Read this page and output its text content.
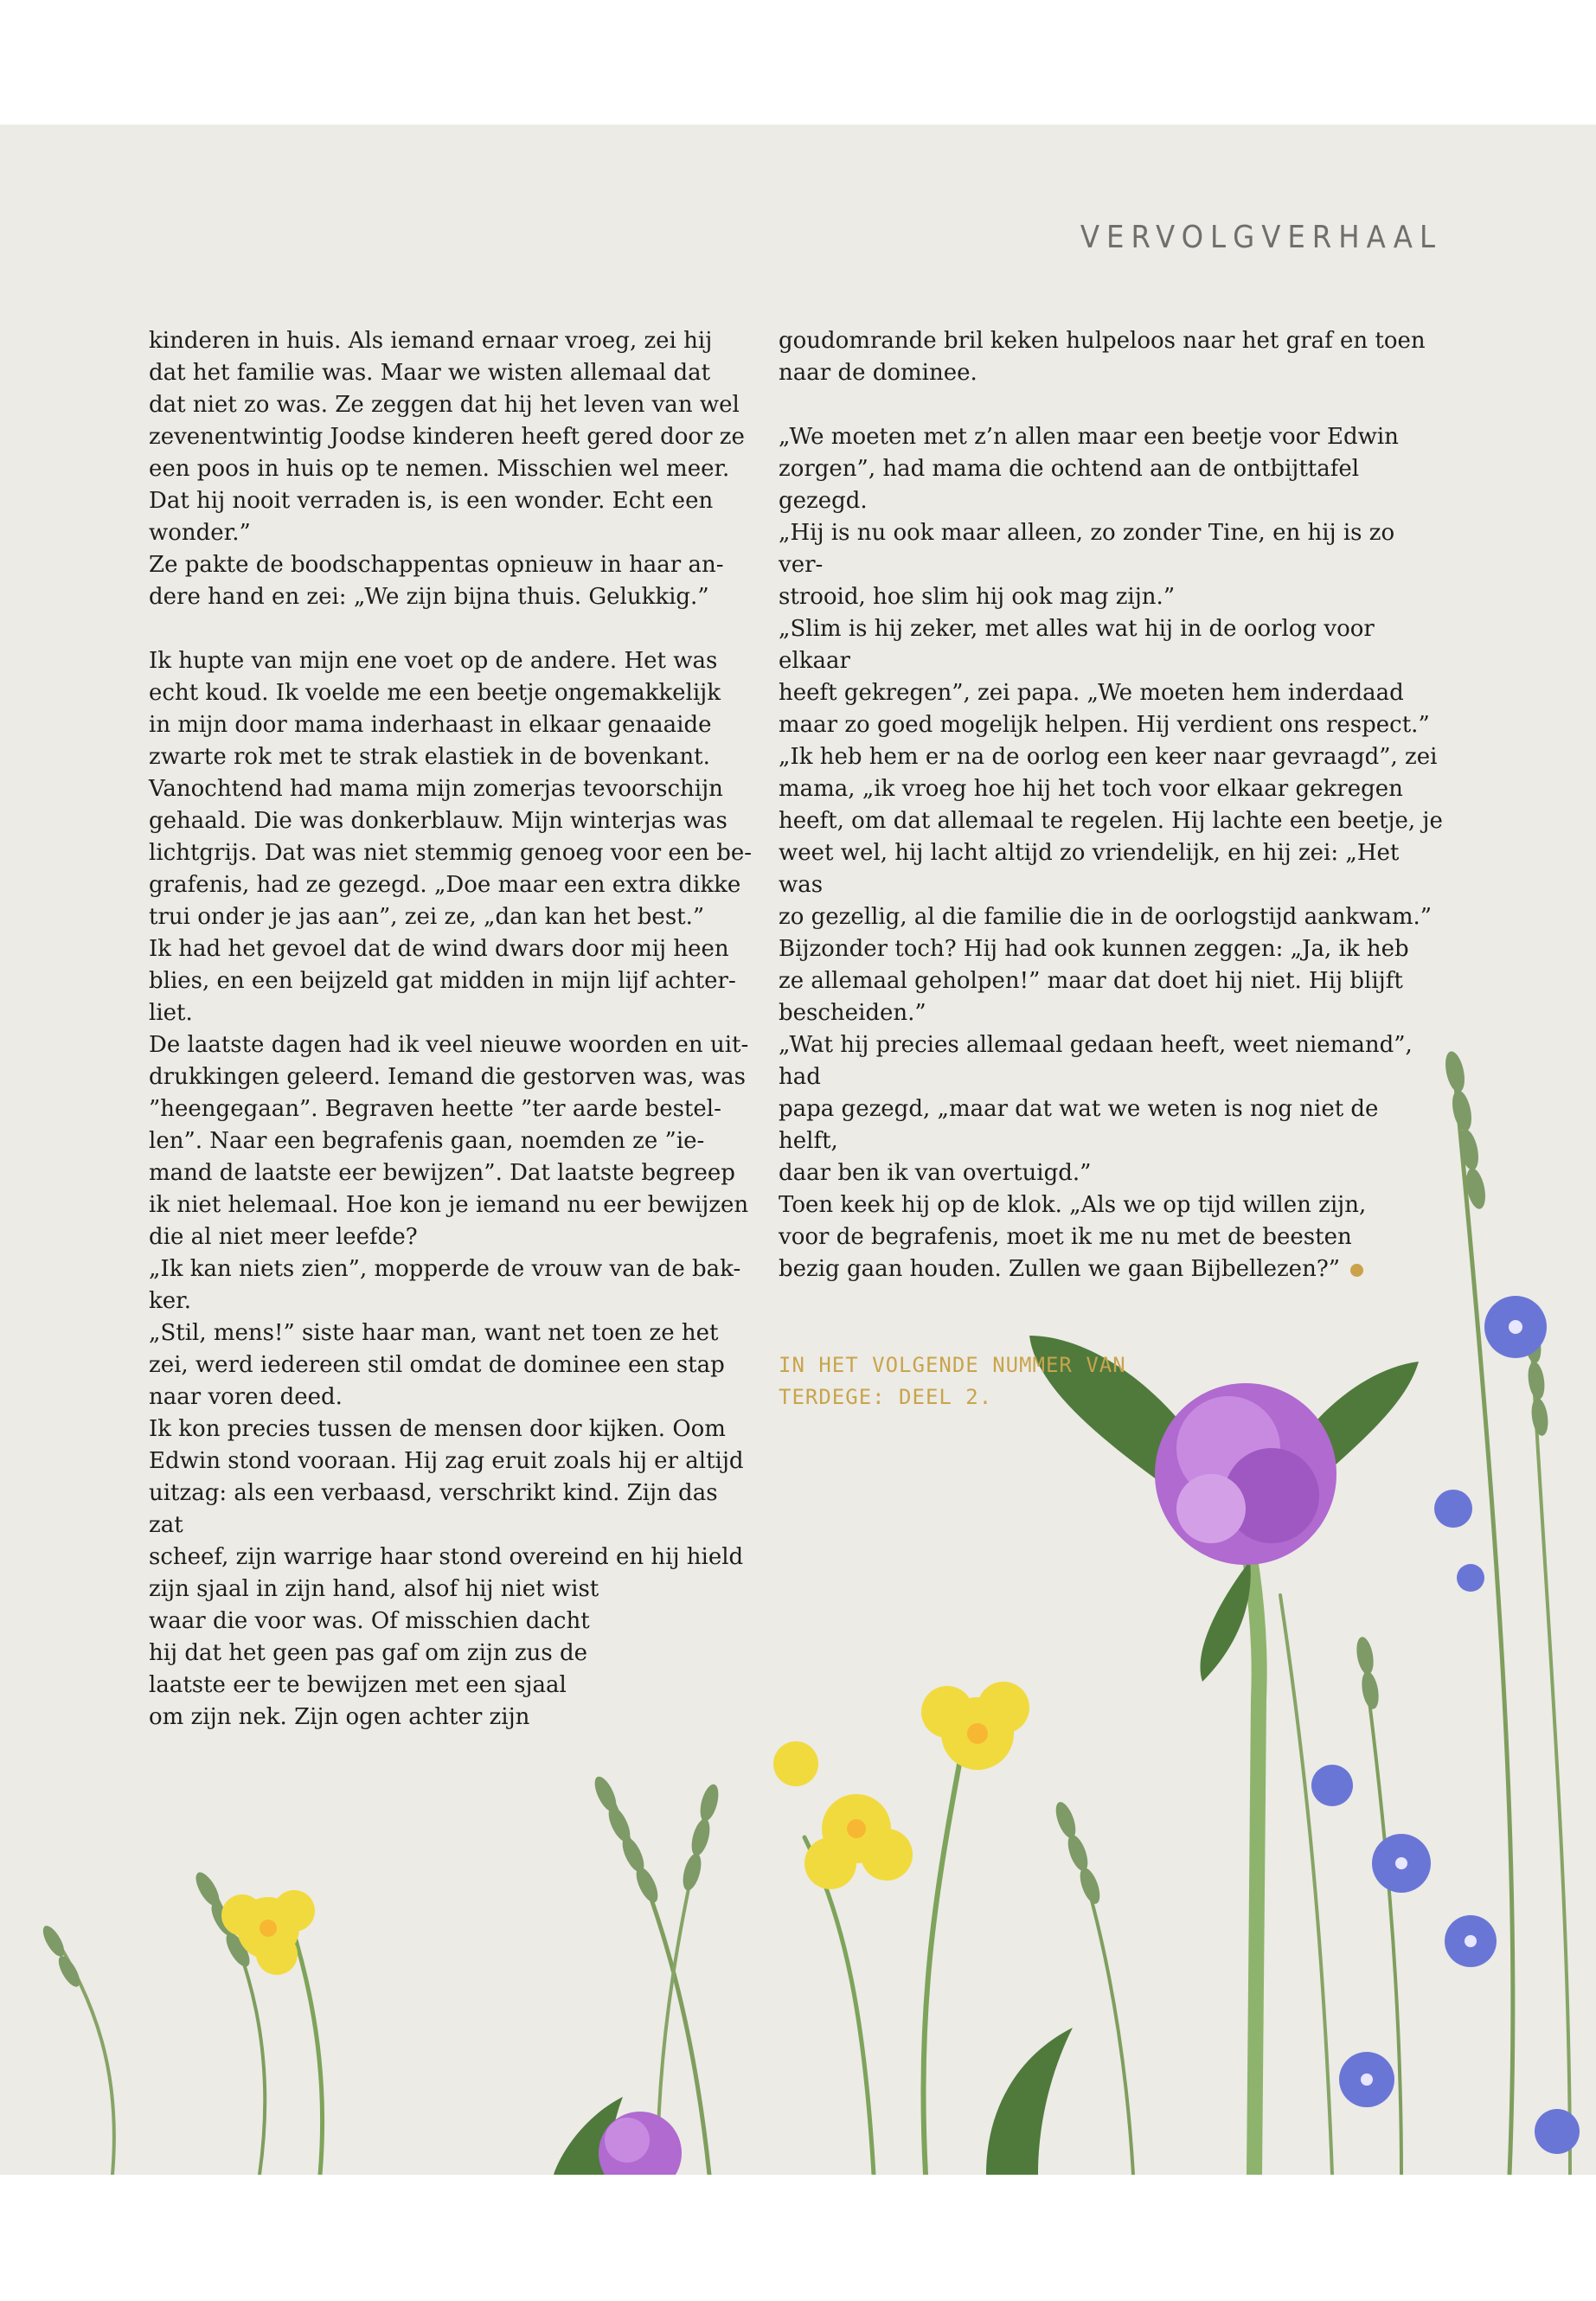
VERVOLGVERHAAL

kinderen in huis. Als iemand ernaar vroeg, zei hij
dat het familie was. Maar we wisten allemaal dat
dat niet zo was. Ze zeggen dat hij het leven van wel
zevenentwintig Joodse kinderen heeft gered door ze
een poos in huis op te nemen. Misschien wel meer.
Dat hij nooit verraden is, is een wonder. Echt een
wonder.”

Ze pakte de boodschappentas opnieuw in haar an-
dere hand en zei: „We zijn bijna thuis. Gelukkig.”

Ik hupte van mijn ene voet op de andere. Het was
echt koud. Ik voelde me een beetje ongemakkelijk
in mijn door mama inderhaast in elkaar genaaide
zwarte rok met te strak elastiek in de bovenkant.
Vanochtend had mama mijn zomerjas tevoorschijn
gehaald. Die was donkerblauw. Mijn winterjas was
lichtgrijs. Dat was niet stemmig genoeg voor een be-
grafenis, had ze gezegd. „Doe maar een extra dikke
trui onder je jas aan”, zei ze, „dan kan het best.”

Ik had het gevoel dat de wind dwars door mij heen
blies, en een beijzeld gat midden in mijn lijf achter-
liet.

De laatste dagen had ik veel nieuwe woorden en uit-
drukkingen geleerd. Iemand die gestorven was, was
”heengegaan”. Begraven heette ”ter aarde bestel-
len”. Naar een begrafenis gaan, noemden ze ”ie-
mand de laatste eer bewijzen”. Dat laatste begreep
ik niet helemaal. Hoe kon je iemand nu eer bewijzen
die al niet meer leefde?

„Ik kan niets zien”, mopperde de vrouw van de bak-
ker.

„Stil, mens!” siste haar man, want net toen ze het
zei, werd iedereen stil omdat de dominee een stap
naar voren deed.

Ik kon precies tussen de mensen door kijken. Oom
Edwin stond vooraan. Hij zag eruit zoals hij er altijd
uitzag: als een verbaasd, verschrikt kind. Zijn das zat
scheef, zijn warrige haar stond overeind en hij hield
zijn sjaal in zijn hand, alsof hij niet wist
waar die voor was. Of misschien dacht
hij dat het geen pas gaf om zijn zus de
laatste eer te bewijzen met een sjaal
om zijn nek. Zijn ogen achter zijn

goudomrande bril keken hulpeloos naar het graf en toen
naar de dominee.

„We moeten met z’n allen maar een beetje voor Edwin
zorgen”, had mama die ochtend aan de ontbijttafel gezegd.
„Hij is nu ook maar alleen, zo zonder Tine, en hij is zo ver-
strooid, hoe slim hij ook mag zijn.”

„Slim is hij zeker, met alles wat hij in de oorlog voor elkaar
heeft gekregen”, zei papa. „We moeten hem inderdaad
maar zo goed mogelijk helpen. Hij verdient ons respect.”

„Ik heb hem er na de oorlog een keer naar gevraagd”, zei
mama, „ik vroeg hoe hij het toch voor elkaar gekregen
heeft, om dat allemaal te regelen. Hij lachte een beetje, je
weet wel, hij lacht altijd zo vriendelijk, en hij zei: „Het was
zo gezellig, al die familie die in de oorlogstijd aankwam.”
Bijzonder toch? Hij had ook kunnen zeggen: „Ja, ik heb
ze allemaal geholpen!” maar dat doet hij niet. Hij blijft
bescheiden.”

„Wat hij precies allemaal gedaan heeft, weet niemand”, had
papa gezegd, „maar dat wat we weten is nog niet de helft,
daar ben ik van overtuigd.”

Toen keek hij op de klok. „Als we op tijd willen zijn,
voor de begrafenis, moet ik me nu met de beesten
bezig gaan houden. Zullen we gaan Bijbellezen?”

IN HET VOLGENDE NUMMER VAN
TERDEGE: DEEL 2.
